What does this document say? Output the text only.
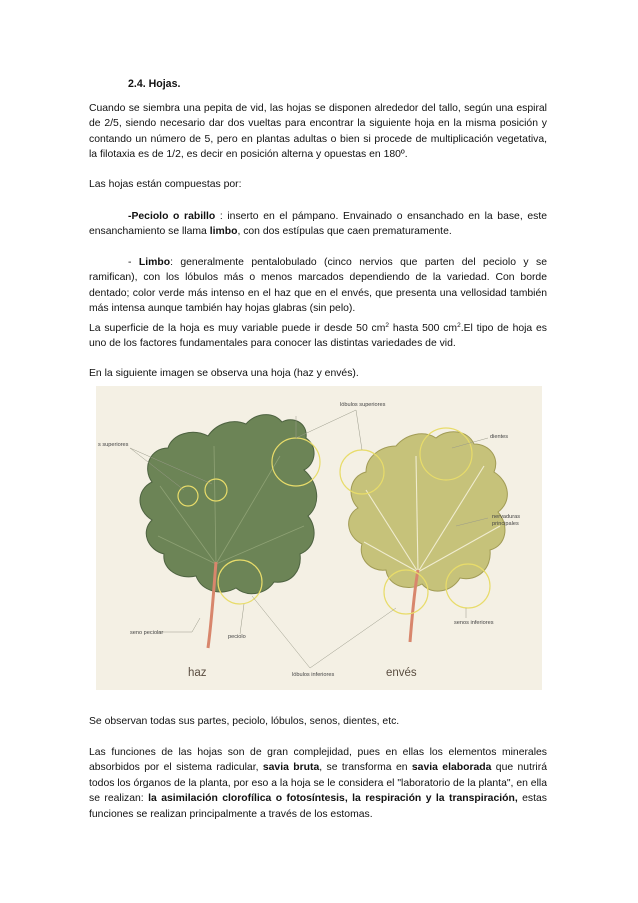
2.4. Hojas.

Cuando se siembra una pepita de vid, las hojas se disponen alrededor del tallo, según una espiral de 2/5, siendo necesario dar dos vueltas para encontrar la siguiente hoja en la misma posición y contando un número de 5, pero en plantas adultas o bien si procede de multiplicación vegetativa, la filotaxia es de 1/2, es decir en posición alterna y opuestas en 180º.

Las hojas están compuestas por:

-Peciolo o rabillo : inserto en el pámpano. Envainado o ensanchado en la base, este ensanchamiento se llama limbo, con dos estípulas que caen prematuramente.

- Limbo: generalmente pentalobulado (cinco nervios que parten del peciolo y se ramifican), con los lóbulos más o menos marcados dependiendo de la variedad. Con borde dentado; color verde más intenso en el haz que en el envés, que presenta una vellosidad también más intensa aunque también hay hojas glabras (sin pelo).

La superficie de la hoja es muy variable puede ir desde 50 $cm^2$ hasta 500 $cm^2.El$ tipo de hoja es uno de los factores fundamentales para conocer las distintas variedades de vid.

En la siguiente imagen se observa una hoja (haz y envés).

lóbulos superiores
s superiores
dientes
nervaduras
principales
senos inferiores
seno peciolar
peciolo
lóbulos inferiores
haz	envés

Se observan todas sus partes, peciolo, lóbulos, senos, dientes, etc.

Las funciones de las hojas son de gran complejidad, pues en ellas los elementos minerales absorbidos por el sistema radicular, savia bruta, se transforma en savia elaborada que nutrirá todos los órganos de la planta, por eso a la hoja se le considera el "laboratorio de la planta", en ella se realizan: la asimilación clorofílica o fotosíntesis, la respiración y la transpiración, estas funciones se realizan principalmente a través de los estomas.
